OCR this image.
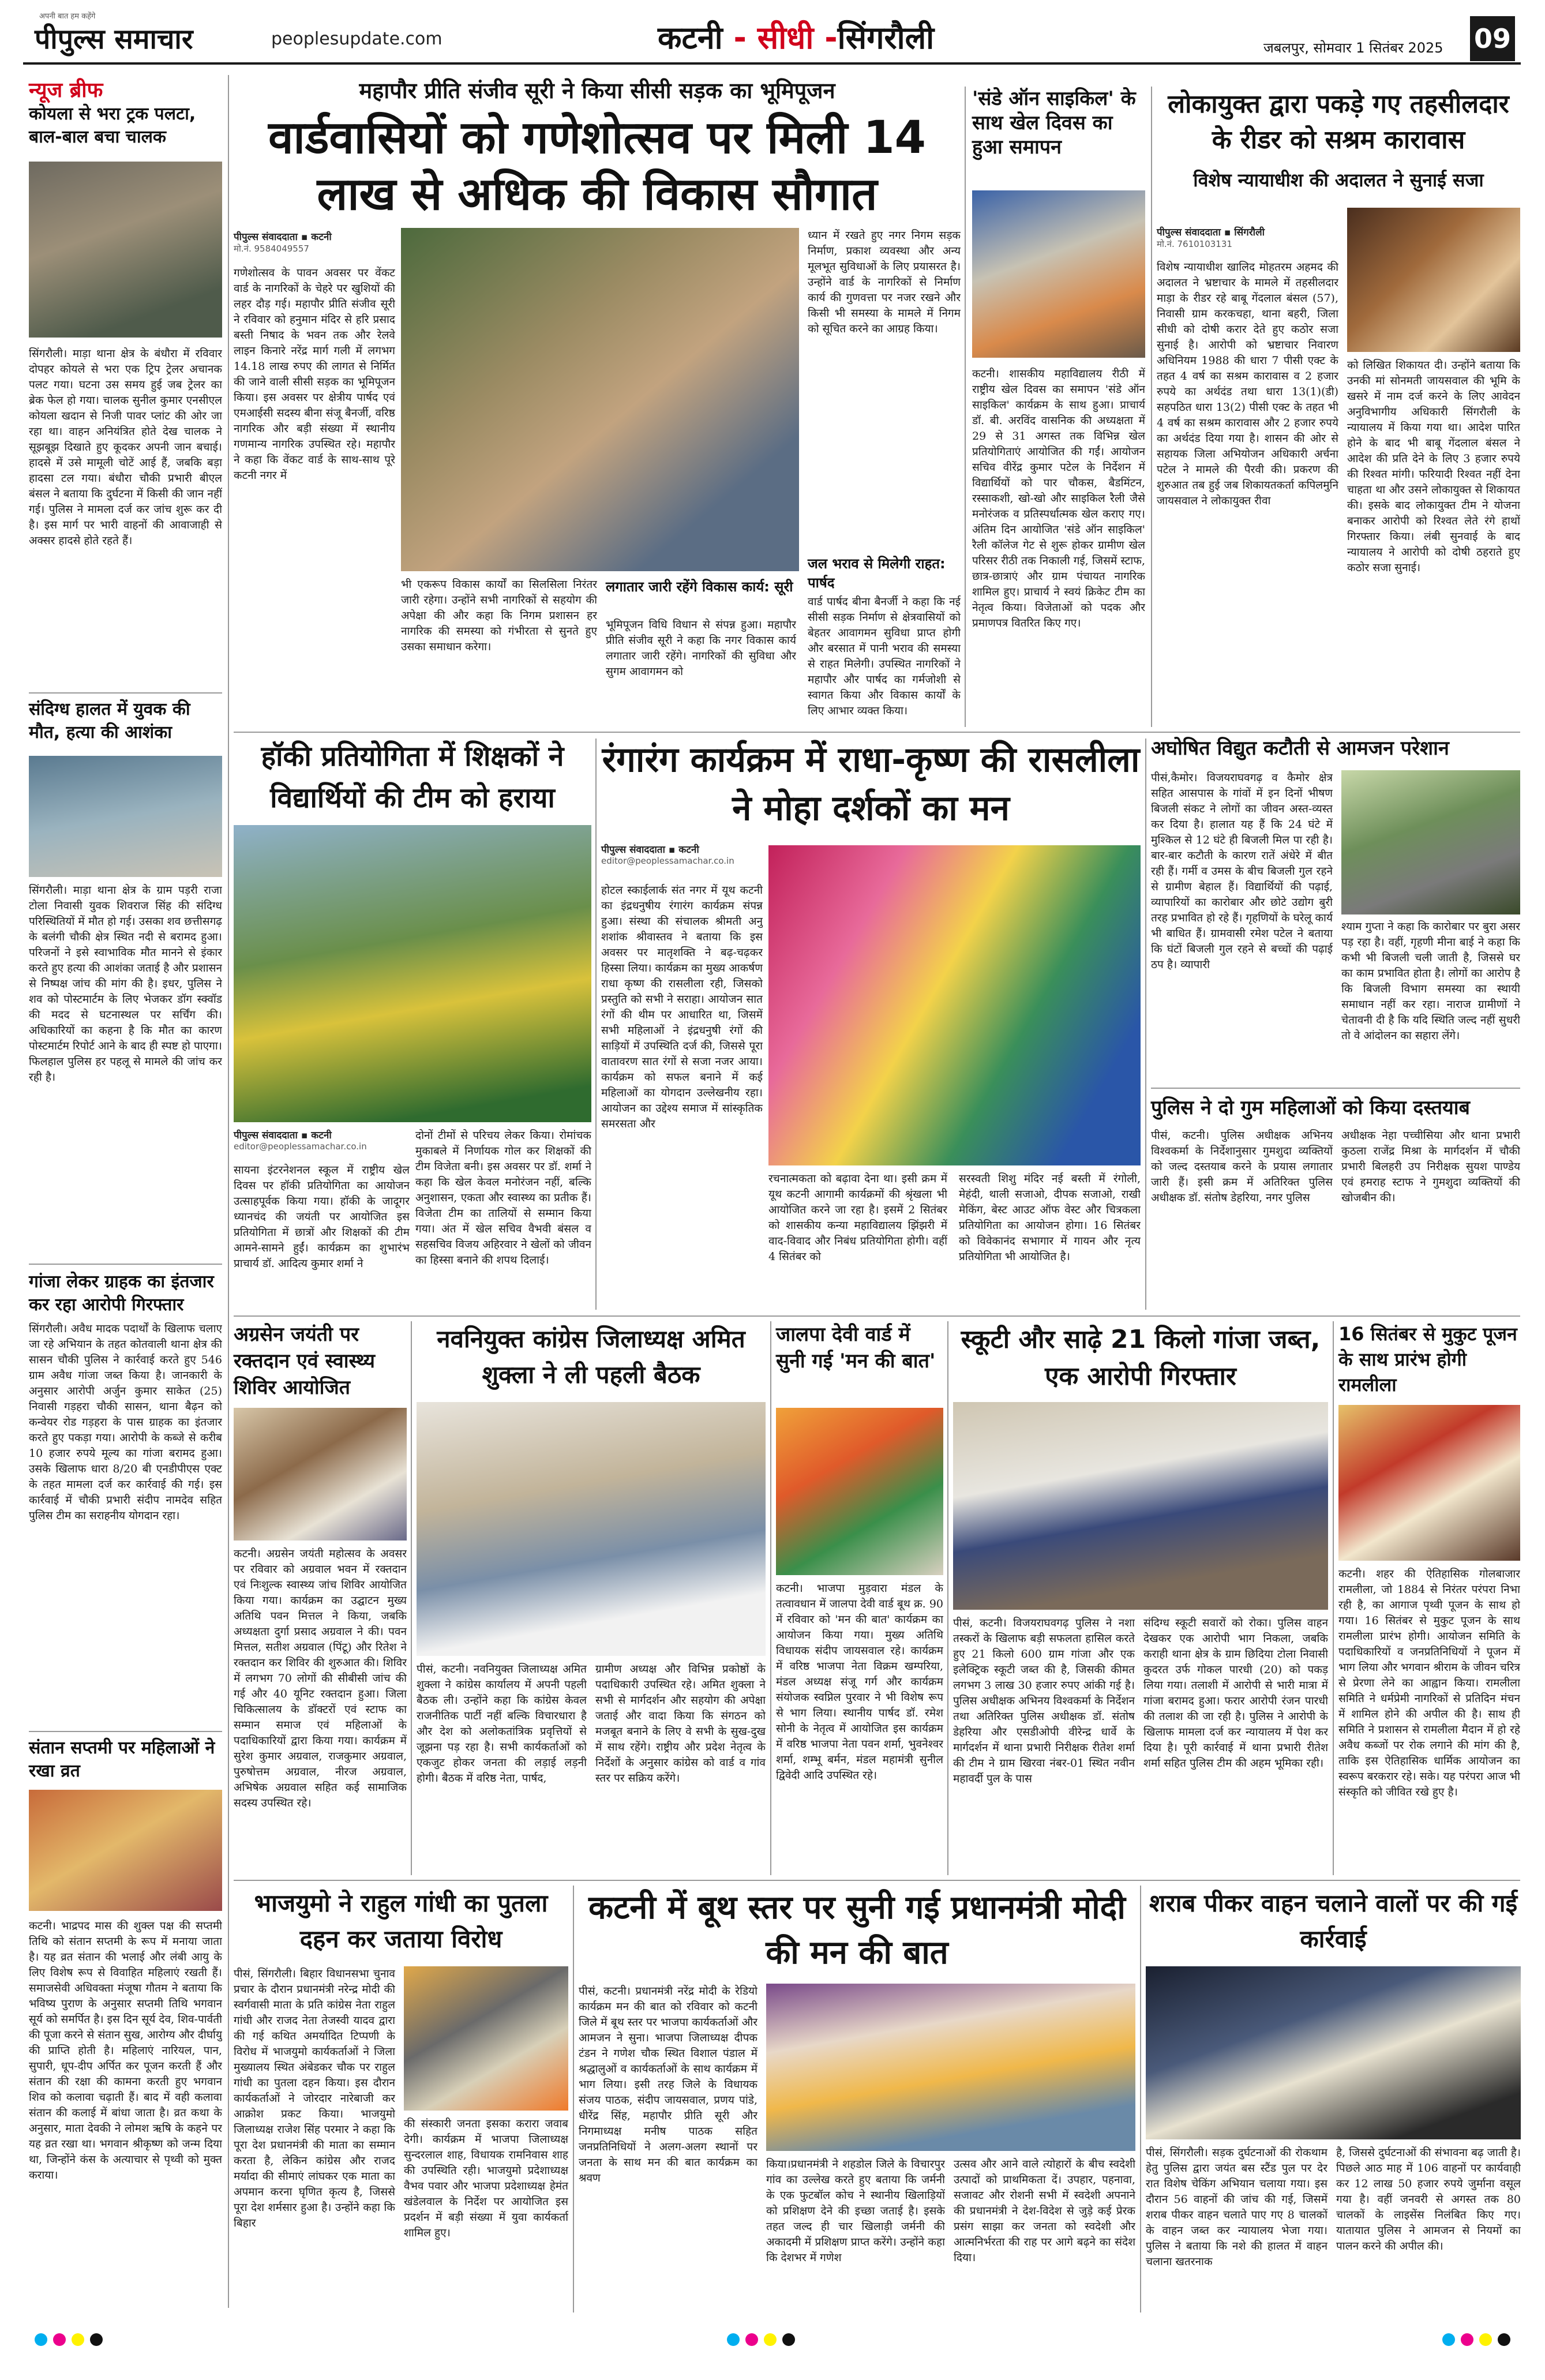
अपनी बात हम कहेंगे
पीपुल्स समाचार	peoplesupdate.com	कटनी - सीधी -सिंगरौली	जबलपुर, सोमवार 1 सितंबर 2025 09
न्यूज ब्रीफ
कोयला से भरा ट्रक पलटा, बाल-बाल बचा चालक
सिंगरौली। माड़ा थाना क्षेत्र के बंधौरा में रविवार दोपहर कोयले से भरा एक ट्रिप ट्रेलर अचानक पलट गया। घटना उस समय हुई जब ट्रेलर का ब्रेक फेल हो गया। चालक सुनील कुमार एनसीएल कोयला खदान से निजी पावर प्लांट की ओर जा रहा था। वाहन अनियंत्रित होते देख चालक ने सूझबूझ दिखाते हुए कूदकर अपनी जान बचाई। हादसे में उसे मामूली चोटें आई हैं, जबकि बड़ा हादसा टल गया। बंधौरा चौकी प्रभारी बीएल बंसल ने बताया कि दुर्घटना में किसी की जान नहीं गई। पुलिस ने मामला दर्ज कर जांच शुरू कर दी है। इस मार्ग पर भारी वाहनों की आवाजाही से अक्सर हादसे होते रहते हैं।
संदिग्ध हालत में युवक की मौत, हत्या की आशंका
सिंगरौली। माड़ा थाना क्षेत्र के ग्राम पड़री राजा टोला निवासी युवक शिवराज सिंह की संदिग्ध परिस्थितियों में मौत हो गई। उसका शव छत्तीसगढ़ के बलंगी चौकी क्षेत्र स्थित नदी से बरामद हुआ। परिजनों ने इसे स्वाभाविक मौत मानने से इंकार करते हुए हत्या की आशंका जताई है और प्रशासन से निष्पक्ष जांच की मांग की है। इधर, पुलिस ने शव को पोस्टमार्टम के लिए भेजकर डॉग स्क्वॉड की मदद से घटनास्थल पर सर्चिंग की। अधिकारियों का कहना है कि मौत का कारण पोस्टमार्टम रिपोर्ट आने के बाद ही स्पष्ट हो पाएगा। फिलहाल पुलिस हर पहलू से मामले की जांच कर रही है।
गांजा लेकर ग्राहक का इंतजार कर रहा आरोपी गिरफ्तार
सिंगरौली। अवैध मादक पदार्थों के खिलाफ चलाए जा रहे अभियान के तहत कोतवाली थाना क्षेत्र की सासन चौकी पुलिस ने कार्रवाई करते हुए 546 ग्राम अवैध गांजा जब्त किया है। जानकारी के अनुसार आरोपी अर्जुन कुमार साकेत (25) निवासी गड़हरा चौकी सासन, थाना बैढ़न को कन्वेयर रोड गड़हरा के पास ग्राहक का इंतजार करते हुए पकड़ा गया। आरोपी के कब्जे से करीब 10 हजार रुपये मूल्य का गांजा बरामद हुआ। उसके खिलाफ धारा 8/20 बी एनडीपीएस एक्ट के तहत मामला दर्ज कर कार्रवाई की गई। इस कार्रवाई में चौकी प्रभारी संदीप नामदेव सहित पुलिस टीम का सराहनीय योगदान रहा।
संतान सप्तमी पर महिलाओं ने रखा व्रत
कटनी। भाद्रपद मास की शुक्ल पक्ष की सप्तमी तिथि को संतान सप्तमी के रूप में मनाया जाता है। यह व्रत संतान की भलाई और लंबी आयु के लिए विशेष रूप से विवाहित महिलाएं रखती हैं। समाजसेवी अधिवक्ता मंजूषा गौतम ने बताया कि भविष्य पुराण के अनुसार सप्तमी तिथि भगवान सूर्य को समर्पित है। इस दिन सूर्य देव, शिव-पार्वती की पूजा करने से संतान सुख, आरोग्य और दीर्घायु की प्राप्ति होती है। महिलाएं नारियल, पान, सुपारी, धूप-दीप अर्पित कर पूजन करती हैं और संतान की रक्षा की कामना करती हुए भगवान शिव को कलावा चढ़ाती हैं। बाद में वही कलावा संतान की कलाई में बांधा जाता है। व्रत कथा के अनुसार, माता देवकी ने लोमश ऋषि के कहने पर यह व्रत रखा था। भगवान श्रीकृष्ण को जन्म दिया था, जिन्होंने कंस के अत्याचार से पृथ्वी को मुक्त कराया।
महापौर प्रीति संजीव सूरी ने किया सीसी सड़क का भूमिपूजन
वार्डवासियों को गणेशोत्सव पर मिली 14 लाख से अधिक की विकास सौगात
पीपुल्स संवाददाता ▪ कटनी
मो.नं. 9584049557
गणेशोत्सव के पावन अवसर पर वेंकट वार्ड के नागरिकों के चेहरे पर खुशियों की लहर दौड़ गई। महापौर प्रीति संजीव सूरी ने रविवार को हनुमान मंदिर से हरि प्रसाद बस्ती निषाद के भवन तक और रेलवे लाइन किनारे नरेंद्र मार्ग गली में लगभग 14.18 लाख रुपए की लागत से निर्मित की जाने वाली सीसी सड़क का भूमिपूजन किया। इस अवसर पर क्षेत्रीय पार्षद एवं एमआईसी सदस्य बीना संजू बैनर्जी, वरिष्ठ नागरिक और बड़ी संख्या में स्थानीय गणमान्य नागरिक उपस्थित रहे। महापौर ने कहा कि वेंकट वार्ड के साथ-साथ पूरे कटनी नगर में
भी एकरूप विकास कार्यों का सिलसिला निरंतर जारी रहेगा। उन्होंने सभी नागरिकों से सहयोग की अपेक्षा की और कहा कि निगम प्रशासन हर नागरिक की समस्या को गंभीरता से सुनते हुए उसका समाधान करेगा।
लगातार जारी रहेंगे विकास कार्य: सूरी
भूमिपूजन विधि विधान से संपन्न हुआ। महापौर प्रीति संजीव सूरी ने कहा कि नगर विकास कार्य लगातार जारी रहेंगे। नागरिकों की सुविधा और सुगम आवागमन को
ध्यान में रखते हुए नगर निगम सड़क निर्माण, प्रकाश व्यवस्था और अन्य मूलभूत सुविधाओं के लिए प्रयासरत है। उन्होंने वार्ड के नागरिकों से निर्माण कार्य की गुणवत्ता पर नजर रखने और किसी भी समस्या के मामले में निगम को सूचित करने का आग्रह किया।
जल भराव से मिलेगी राहत: पार्षद
वार्ड पार्षद बीना बैनर्जी ने कहा कि नई सीसी सड़क निर्माण से क्षेत्रवासियों को बेहतर आवागमन सुविधा प्राप्त होगी और बरसात में पानी भराव की समस्या से राहत मिलेगी। उपस्थित नागरिकों ने महापौर और पार्षद का गर्मजोशी से स्वागत किया और विकास कार्यों के लिए आभार व्यक्त किया।
'संडे ऑन साइकिल' के साथ खेल दिवस का हुआ समापन
कटनी। शासकीय महाविद्यालय रीठी में राष्ट्रीय खेल दिवस का समापन 'संडे ऑन साइकिल' कार्यक्रम के साथ हुआ। प्राचार्य डॉ. बी. अरविंद वासनिक की अध्यक्षता में 29 से 31 अगस्त तक विभिन्न खेल प्रतियोगिताएं आयोजित की गईं। आयोजन सचिव वीरेंद्र कुमार पटेल के निर्देशन में विद्यार्थियों को पार चौकस, बैडमिंटन, रस्साकशी, खो-खो और साइकिल रैली जैसे मनोरंजक व प्रतिस्पर्धात्मक खेल कराए गए। अंतिम दिन आयोजित 'संडे ऑन साइकिल' रैली कॉलेज गेट से शुरू होकर ग्रामीण खेल परिसर रीठी तक निकाली गई, जिसमें स्टाफ, छात्र-छात्राएं और ग्राम पंचायत नागरिक शामिल हुए। प्राचार्य ने स्वयं क्रिकेट टीम का नेतृत्व किया। विजेताओं को पदक और प्रमाणपत्र वितरित किए गए।
लोकायुक्त द्वारा पकड़े गए तहसीलदार के रीडर को सश्रम कारावास
विशेष न्यायाधीश की अदालत ने सुनाई सजा
पीपुल्स संवाददाता ▪ सिंगरौली
मो.नं. 7610103131
विशेष न्यायाधीश खालिद मोहतरम अहमद की अदालत ने भ्रष्टाचार के मामले में तहसीलदार माड़ा के रीडर रहे बाबू गेंदलाल बंसल (57), निवासी ग्राम करकचहा, थाना बहरी, जिला सीधी को दोषी करार देते हुए कठोर सजा सुनाई है। आरोपी को भ्रष्टाचार निवारण अधिनियम 1988 की धारा 7 पीसी एक्ट के तहत 4 वर्ष का सश्रम कारावास व 2 हजार रुपये का अर्थदंड तथा धारा 13(1)(डी) सहपठित धारा 13(2) पीसी एक्ट के तहत भी 4 वर्ष का सश्रम कारावास और 2 हजार रुपये का अर्थदंड दिया गया है। शासन की ओर से सहायक जिला अभियोजन अधिकारी अर्चना पटेल ने मामले की पैरवी की। प्रकरण की शुरुआत तब हुई जब शिकायतकर्ता कपिलमुनि जायसवाल ने लोकायुक्त रीवा
को लिखित शिकायत दी। उन्होंने बताया कि उनकी मां सोनमती जायसवाल की भूमि के खसरे में नाम दर्ज करने के लिए आवेदन अनुविभागीय अधिकारी सिंगरौली के न्यायालय में किया गया था। आदेश पारित होने के बाद भी बाबू गेंदलाल बंसल ने आदेश की प्रति देने के लिए 3 हजार रुपये की रिश्वत मांगी। फरियादी रिश्वत नहीं देना चाहता था और उसने लोकायुक्त से शिकायत की। इसके बाद लोकायुक्त टीम ने योजना बनाकर आरोपी को रिश्वत लेते रंगे हाथों गिरफ्तार किया। लंबी सुनवाई के बाद न्यायालय ने आरोपी को दोषी ठहराते हुए कठोर सजा सुनाई।
हॉकी प्रतियोगिता में शिक्षकों ने विद्यार्थियों की टीम को हराया
पीपुल्स संवाददाता ▪ कटनी
editor@peoplessamachar.co.in
सायना इंटरनेशनल स्कूल में राष्ट्रीय खेल दिवस पर हॉकी प्रतियोगिता का आयोजन उत्साहपूर्वक किया गया। हॉकी के जादूगर ध्यानचंद की जयंती पर आयोजित इस प्रतियोगिता में छात्रों और शिक्षकों की टीम आमने-सामने हुईं। कार्यक्रम का शुभारंभ प्राचार्य डॉ. आदित्य कुमार शर्मा ने
दोनों टीमों से परिचय लेकर किया। रोमांचक मुकाबले में निर्णायक गोल कर शिक्षकों की टीम विजेता बनी। इस अवसर पर डॉ. शर्मा ने कहा कि खेल केवल मनोरंजन नहीं, बल्कि अनुशासन, एकता और स्वास्थ्य का प्रतीक हैं। विजेता टीम का तालियों से सम्मान किया गया। अंत में खेल सचिव वैभवी बंसल व सहसचिव विजय अहिरवार ने खेलों को जीवन का हिस्सा बनाने की शपथ दिलाई।
रंगारंग कार्यक्रम में राधा-कृष्ण की रासलीला ने मोहा दर्शकों का मन
पीपुल्स संवाददाता ▪ कटनी
editor@peoplessamachar.co.in
होटल स्काईलार्क संत नगर में यूथ कटनी का इंद्रधनुषीय रंगारंग कार्यक्रम संपन्न हुआ। संस्था की संचालक श्रीमती अनु शशांक श्रीवास्तव ने बताया कि इस अवसर पर मातृशक्ति ने बढ़-चढ़कर हिस्सा लिया। कार्यक्रम का मुख्य आकर्षण राधा कृष्ण की रासलीला रही, जिसको प्रस्तुति को सभी ने सराहा। आयोजन सात रंगों की थीम पर आधारित था, जिसमें सभी महिलाओं ने इंद्रधनुषी रंगों की साड़ियों में उपस्थिति दर्ज की, जिससे पूरा वातावरण सात रंगों से सजा नजर आया। कार्यक्रम को सफल बनाने में कई महिलाओं का योगदान उल्लेखनीय रहा। आयोजन का उद्देश्य समाज में सांस्कृतिक समरसता और
रचनात्मकता को बढ़ावा देना था। इसी क्रम में यूथ कटनी आगामी कार्यक्रमों की श्रृंखला भी आयोजित करने जा रहा है। इसमें 2 सितंबर को शासकीय कन्या महाविद्यालय झिंझरी में वाद-विवाद और निबंध प्रतियोगिता होगी। वहीं 4 सितंबर को
सरस्वती शिशु मंदिर नई बस्ती में रंगोली, मेहंदी, थाली सजाओ, दीपक सजाओ, राखी मेकिंग, बेस्ट आउट ऑफ वेस्ट और चित्रकला प्रतियोगिता का आयोजन होगा। 16 सितंबर को विवेकानंद सभागार में गायन और नृत्य प्रतियोगिता भी आयोजित है।
अघोषित विद्युत कटौती से आमजन परेशान
पीसं,कैमोर। विजयराघवगढ़ व कैमोर क्षेत्र सहित आसपास के गांवों में इन दिनों भीषण बिजली संकट ने लोगों का जीवन अस्त-व्यस्त कर दिया है। हालात यह हैं कि 24 घंटे में मुश्किल से 12 घंटे ही बिजली मिल पा रही है। बार-बार कटौती के कारण रातें अंधेरे में बीत रही हैं। गर्मी व उमस के बीच बिजली गुल रहने से ग्रामीण बेहाल हैं। विद्यार्थियों की पढ़ाई, व्यापारियों का कारोबार और छोटे उद्योग बुरी तरह प्रभावित हो रहे हैं। गृहणियों के घरेलू कार्य भी बाधित हैं। ग्रामवासी रमेश पटेल ने बताया कि घंटों बिजली गुल रहने से बच्चों की पढ़ाई ठप है। व्यापारी
श्याम गुप्ता ने कहा कि कारोबार पर बुरा असर पड़ रहा है। वहीं, गृहणी मीना बाई ने कहा कि कभी भी बिजली चली जाती है, जिससे घर का काम प्रभावित होता है। लोगों का आरोप है कि बिजली विभाग समस्या का स्थायी समाधान नहीं कर रहा। नाराज ग्रामीणों ने चेतावनी दी है कि यदि स्थिति जल्द नहीं सुधरी तो वे आंदोलन का सहारा लेंगे।
पुलिस ने दो गुम महिलाओं को किया दस्तयाब
पीसं, कटनी। पुलिस अधीक्षक अभिनय विश्वकर्मा के निर्देशानुसार गुमशुदा व्यक्तियों को जल्द दस्तयाब करने के प्रयास लगातार जारी हैं। इसी क्रम में अतिरिक्त पुलिस अधीक्षक डॉ. संतोष डेहरिया, नगर पुलिस
अधीक्षक नेहा पच्चीसिया और थाना प्रभारी कुठला राजेंद्र मिश्रा के मार्गदर्शन में चौकी प्रभारी बिलहरी उप निरीक्षक सुयश पाण्डेय एवं हमराह स्टाफ ने गुमशुदा व्यक्तियों की खोजबीन की।
अग्रसेन जयंती पर रक्तदान एवं स्वास्थ्य शिविर आयोजित
कटनी। अग्रसेन जयंती महोत्सव के अवसर पर रविवार को अग्रवाल भवन में रक्तदान एवं निःशुल्क स्वास्थ्य जांच शिविर आयोजित किया गया। कार्यक्रम का उद्घाटन मुख्य अतिथि पवन मित्तल ने किया, जबकि अध्यक्षता दुर्गा प्रसाद अग्रवाल ने की। पवन मित्तल, सतीश अग्रवाल (पिंटू) और रितेश ने रक्तदान कर शिविर की शुरुआत की। शिविर में लगभग 70 लोगों की सीबीसी जांच की गई और 40 यूनिट रक्तदान हुआ। जिला चिकित्सालय के डॉक्टरों एवं स्टाफ का सम्मान समाज एवं महिलाओं के पदाधिकारियों द्वारा किया गया। कार्यक्रम में सुरेश कुमार अग्रवाल, राजकुमार अग्रवाल, पुरुषोत्तम अग्रवाल, नीरज अग्रवाल, अभिषेक अग्रवाल सहित कई सामाजिक सदस्य उपस्थित रहे।
नवनियुक्त कांग्रेस जिलाध्यक्ष अमित शुक्ला ने ली पहली बैठक
पीसं, कटनी। नवनियुक्त जिलाध्यक्ष अमित शुक्ला ने कांग्रेस कार्यालय में अपनी पहली बैठक ली। उन्होंने कहा कि कांग्रेस केवल राजनीतिक पार्टी नहीं बल्कि विचारधारा है और देश को अलोकतांत्रिक प्रवृत्तियों से जूझना पड़ रहा है। सभी कार्यकर्ताओं को एकजुट होकर जनता की लड़ाई लड़नी होगी। बैठक में वरिष्ठ नेता, पार्षद,
ग्रामीण अध्यक्ष और विभिन्न प्रकोष्ठों के पदाधिकारी उपस्थित रहे। अमित शुक्ला ने सभी से मार्गदर्शन और सहयोग की अपेक्षा जताई और वादा किया कि संगठन को मजबूत बनाने के लिए वे सभी के सुख-दुख में साथ रहेंगे। राष्ट्रीय और प्रदेश नेतृत्व के निर्देशों के अनुसार कांग्रेस को वार्ड व गांव स्तर पर सक्रिय करेंगे।
जालपा देवी वार्ड में सुनी गई 'मन की बात'
कटनी। भाजपा मुड़वारा मंडल के तत्वावधान में जालपा देवी वार्ड बूथ क्र. 90 में रविवार को 'मन की बात' कार्यक्रम का आयोजन किया गया। मुख्य अतिथि विधायक संदीप जायसवाल रहे। कार्यक्रम में वरिष्ठ भाजपा नेता विक्रम खम्परिया, मंडल अध्यक्ष संजू गर्ग और कार्यक्रम संयोजक स्वप्निल पुरवार ने भी विशेष रूप से भाग लिया। स्थानीय पार्षद डॉ. रमेश सोनी के नेतृत्व में आयोजित इस कार्यक्रम में वरिष्ठ भाजपा नेता पवन शर्मा, भुवनेश्वर शर्मा, शम्भू बर्मन, मंडल महामंत्री सुनील द्विवेदी आदि उपस्थित रहे।
स्कूटी और साढ़े 21 किलो गांजा जब्त, एक आरोपी गिरफ्तार
पीसं, कटनी। विजयराघवगढ़ पुलिस ने नशा तस्करों के खिलाफ बड़ी सफलता हासिल करते हुए 21 किलो 600 ग्राम गांजा और एक इलेक्ट्रिक स्कूटी जब्त की है, जिसकी कीमत लगभग 3 लाख 30 हजार रुपए आंकी गई है। पुलिस अधीक्षक अभिनय विश्वकर्मा के निर्देशन तथा अतिरिक्त पुलिस अधीक्षक डॉ. संतोष डेहरिया और एसडीओपी वीरेन्द्र धार्वे के मार्गदर्शन में थाना प्रभारी निरीक्षक रीतेश शर्मा की टीम ने ग्राम खिरवा नंबर-01 स्थित नवीन महावर्दी पुल के पास
संदिग्ध स्कूटी सवारों को रोका। पुलिस वाहन देखकर एक आरोपी भाग निकला, जबकि कराही थाना क्षेत्र के ग्राम छिदिया टोला निवासी कुदरत उर्फ गोकल पारधी (20) को पकड़ लिया गया। तलाशी में आरोपी से भारी मात्रा में गांजा बरामद हुआ। फरार आरोपी रंजन पारधी की तलाश की जा रही है। पुलिस ने आरोपी के खिलाफ मामला दर्ज कर न्यायालय में पेश कर दिया है। पूरी कार्रवाई में थाना प्रभारी रीतेश शर्मा सहित पुलिस टीम की अहम भूमिका रही।
16 सितंबर से मुकुट पूजन के साथ प्रारंभ होगी रामलीला
कटनी। शहर की ऐतिहासिक गोलबाजार रामलीला, जो 1884 से निरंतर परंपरा निभा रही है, का आगाज पृथ्वी पूजन के साथ हो गया। 16 सितंबर से मुकुट पूजन के साथ रामलीला प्रारंभ होगी। आयोजन समिति के पदाधिकारियों व जनप्रतिनिधियों ने पूजन में भाग लिया और भगवान श्रीराम के जीवन चरित्र से प्रेरणा लेने का आह्वान किया। रामलीला समिति ने धर्मप्रेमी नागरिकों से प्रतिदिन मंचन में शामिल होने की अपील की है। साथ ही समिति ने प्रशासन से रामलीला मैदान में हो रहे अवैध कब्जों पर रोक लगाने की मांग की है, ताकि इस ऐतिहासिक धार्मिक आयोजन का स्वरूप बरकरार रहे। सके। यह परंपरा आज भी संस्कृति को जीवित रखे हुए है।
भाजयुमो ने राहुल गांधी का पुतला दहन कर जताया विरोध
पीसं, सिंगरौली। बिहार विधानसभा चुनाव प्रचार के दौरान प्रधानमंत्री नरेन्द्र मोदी की स्वर्गवासी माता के प्रति कांग्रेस नेता राहुल गांधी और राजद नेता तेजस्वी यादव द्वारा की गई कथित अमर्यादित टिप्पणी के विरोध में भाजयुमो कार्यकर्ताओं ने जिला मुख्यालय स्थित अंबेडकर चौक पर राहुल गांधी का पुतला दहन किया। इस दौरान कार्यकर्ताओं ने जोरदार नारेबाजी कर आक्रोश प्रकट किया। भाजयुमो जिलाध्यक्ष राजेश सिंह परमार ने कहा कि पूरा देश प्रधानमंत्री की माता का सम्मान करता है, लेकिन कांग्रेस और राजद मर्यादा की सीमाएं लांघकर एक माता का अपमान करना घृणित कृत्य है, जिससे पूरा देश शर्मसार हुआ है। उन्होंने कहा कि बिहार
की संस्कारी जनता इसका करारा जवाब देगी। कार्यक्रम में भाजपा जिलाध्यक्ष सुन्दरलाल शाह, विधायक रामनिवास शाह की उपस्थिति रही। भाजयुमो प्रदेशाध्यक्ष वैभव पवार और भाजपा प्रदेशाध्यक्ष हेमंत खंडेलवाल के निर्देश पर आयोजित इस प्रदर्शन में बड़ी संख्या में युवा कार्यकर्ता शामिल हुए।
कटनी में बूथ स्तर पर सुनी गई प्रधानमंत्री मोदी की मन की बात
पीसं, कटनी। प्रधानमंत्री नरेंद्र मोदी के रेडियो कार्यक्रम मन की बात को रविवार को कटनी जिले में बूथ स्तर पर भाजपा कार्यकर्ताओं और आमजन ने सुना। भाजपा जिलाध्यक्ष दीपक टंडन ने गणेश चौक स्थित विशाल पंडाल में श्रद्धालुओं व कार्यकर्ताओं के साथ कार्यक्रम में भाग लिया। इसी तरह जिले के विधायक संजय पाठक, संदीप जायसवाल, प्रणय पांडे, धीरेंद्र सिंह, महापौर प्रीति सूरी और निगमाध्यक्ष मनीष पाठक सहित जनप्रतिनिधियों ने अलग-अलग स्थानों पर जनता के साथ मन की बात कार्यक्रम का श्रवण
किया।प्रधानमंत्री ने शहडोल जिले के विचारपुर गांव का उल्लेख करते हुए बताया कि जर्मनी के एक फुटबॉल कोच ने स्थानीय खिलाड़ियों को प्रशिक्षण देने की इच्छा जताई है। इसके तहत जल्द ही चार खिलाड़ी जर्मनी की अकादमी में प्रशिक्षण प्राप्त करेंगे। उन्होंने कहा कि देशभर में गणेश
उत्सव और आने वाले त्योहारों के बीच स्वदेशी उत्पादों को प्राथमिकता दें। उपहार, पहनावा, सजावट और रोशनी सभी में स्वदेशी अपनाने की प्रधानमंत्री ने देश-विदेश से जुड़े कई प्रेरक प्रसंग साझा कर जनता को स्वदेशी और आत्मनिर्भरता की राह पर आगे बढ़ने का संदेश दिया।
शराब पीकर वाहन चलाने वालों पर की गई कार्रवाई
पीसं, सिंगरौली। सड़क दुर्घटनाओं की रोकथाम हेतु पुलिस द्वारा जयंत बस स्टैंड पुल पर देर रात विशेष चेकिंग अभियान चलाया गया। इस दौरान 56 वाहनों की जांच की गई, जिसमें शराब पीकर वाहन चलाते पाए गए 8 चालकों के वाहन जब्त कर न्यायालय भेजा गया। पुलिस ने बताया कि नशे की हालत में वाहन चलाना खतरनाक
है, जिससे दुर्घटनाओं की संभावना बढ़ जाती है। पिछले आठ माह में 106 वाहनों पर कार्यवाही कर 12 लाख 50 हजार रुपये जुर्माना वसूल गया है। वहीं जनवरी से अगस्त तक 80 चालकों के लाइसेंस निलंबित किए गए। यातायात पुलिस ने आमजन से नियमों का पालन करने की अपील की।
